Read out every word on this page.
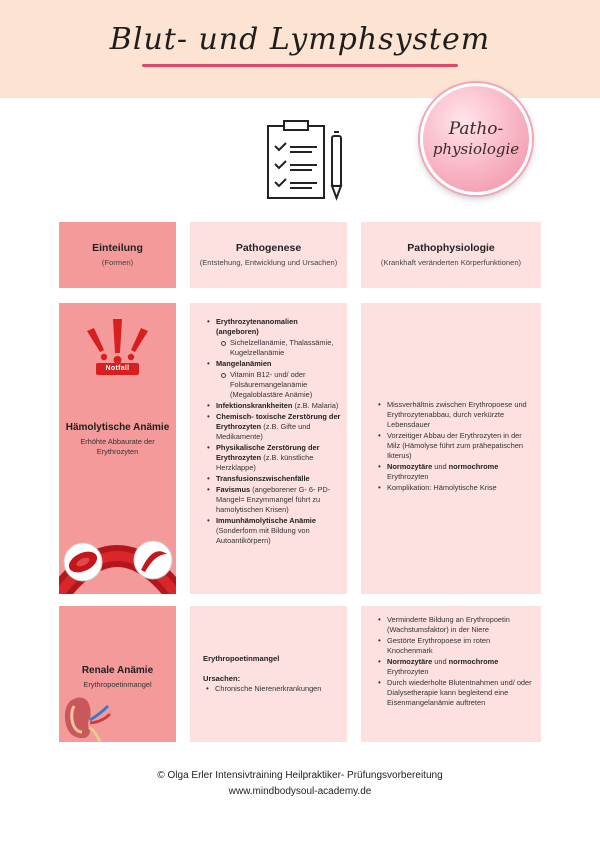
Blut- und Lymphsystem
Patho-
physiologie
Einteilung
(Formen)
Pathogenese
(Entstehung, Entwicklung und Ursachen)
Pathophysiologie
(Krankhaft veränderten Körperfunktionen)
Notfall
Hämolytische Anämie
Erhöhte Abbaurate der Erythrozyten
• Erythrozytenanomalien (angeboren)
Sichelzellanämie, Thalassämie, Kugelzellanämie
• Mangelanämien
Vitamin B12- und/ oder Folsäuremangelanämie (Megaloblastäre Anämie)
• Infektionskrankheiten (z.B. Malaria)
• Chemisch- toxische Zerstörung der Erythrozyten (z.B. Gifte und Medikamente)
• Physikalische Zerstörung der Erythrozyten (z.B. künstliche Herzklappe)
• Transfusionszwischenfälle
• Favismus (angeborener G- 6- PD- Mangel= Enzymmangel führt zu hamolytischen Krisen)
• Immunhämolytische Anämie (Sonderform mit Bildung von Autoantikörpern)
• Missverhältnis zwischen Erythropoese und Erythrozytenabbau, durch verkürzte Lebensdauer
• Vorzeitiger Abbau der Erythrozyten in der Milz (Hämolyse führt zum prähepatischen Ikterus)
• Normozytäre und normochrome Erythrozyten
• Komplikation: Hämolytische Krise
Renale Anämie
Erythropoetinmangel
Erythropoetinmangel
Ursachen:
• Chronische Nierenerkrankungen
• Verminderte Bildung an Erythropoetin (Wachstumsfaktor) in der Niere
• Gestörte Erythropoese im roten Knochenmark
• Normozytäre und normochrome Erythrozyten
• Durch wiederholte Blutentnahmen und/ oder Dialysetherapie kann begleitend eine Eisenmangelanämie auftreten
© Olga Erler Intensivtraining Heilpraktiker- Prüfungsvorbereitung
www.mindbodysoul-academy.de
